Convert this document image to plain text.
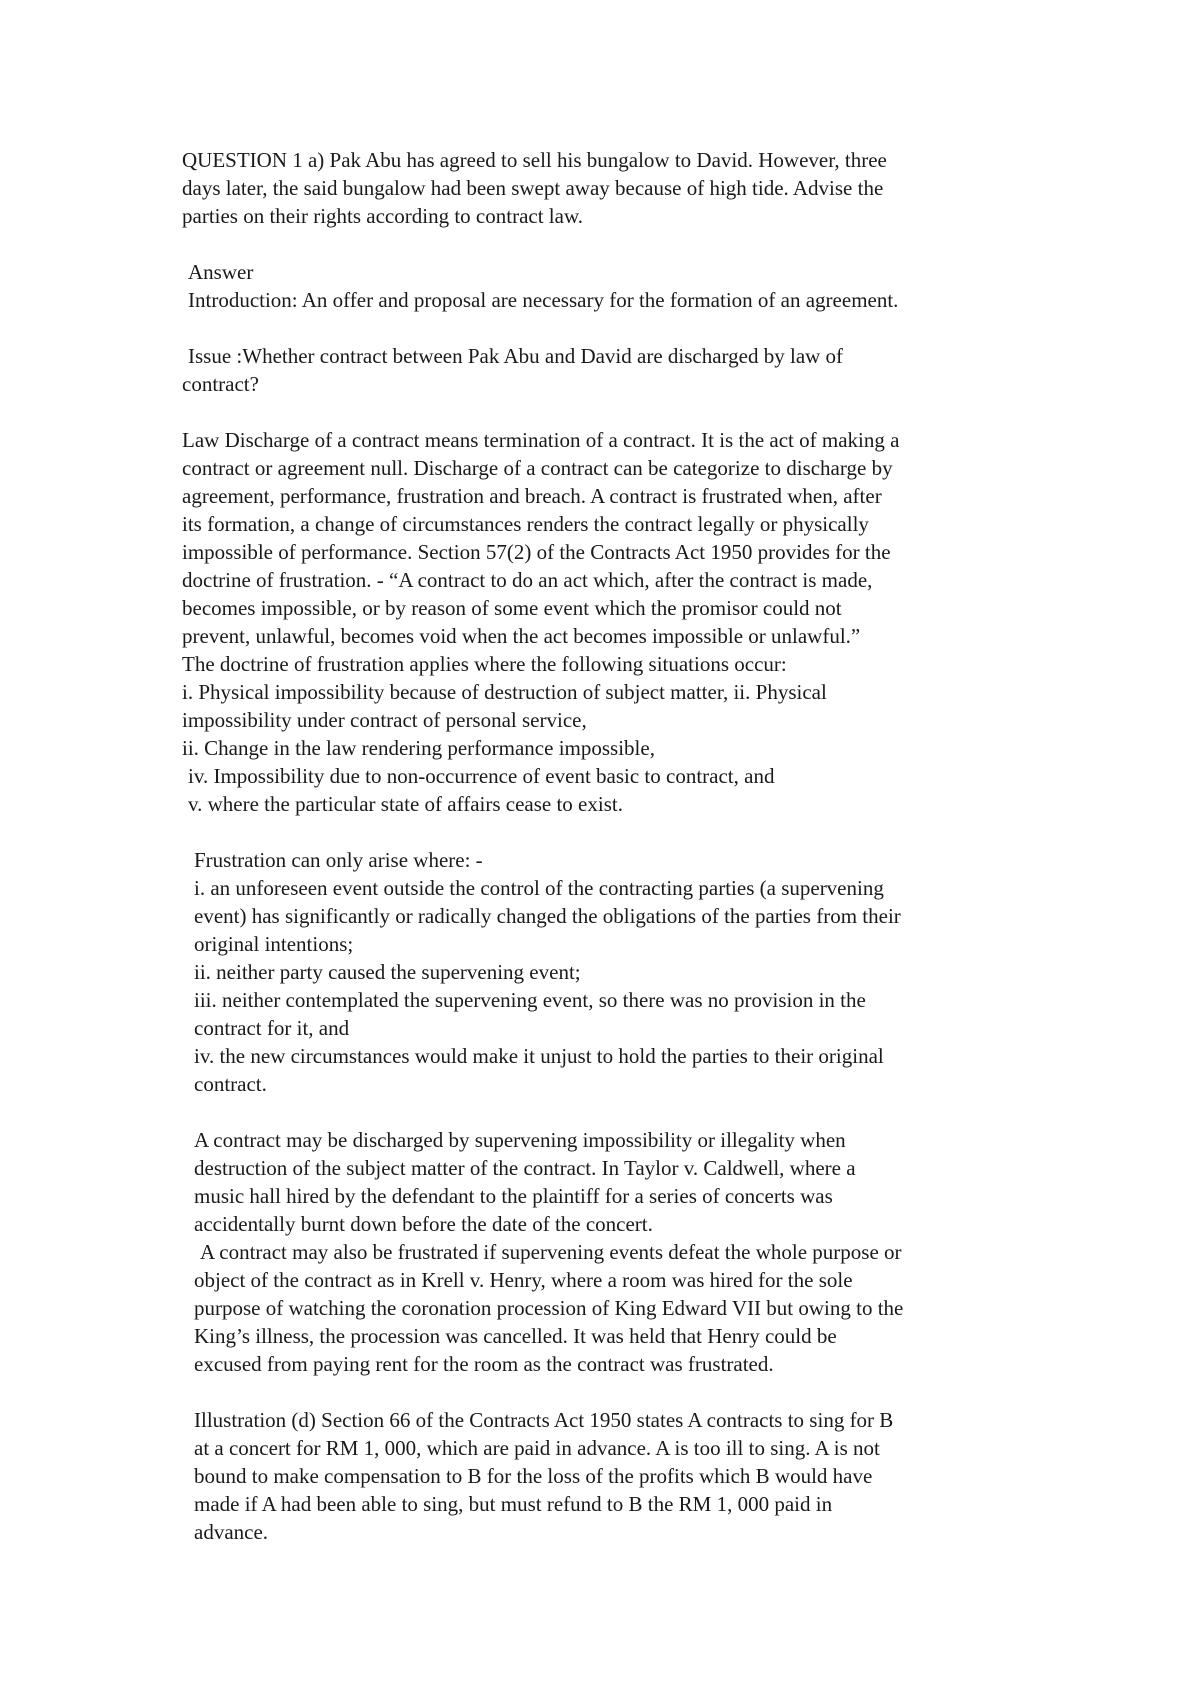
QUESTION 1 a) Pak Abu has agreed to sell his bungalow to David. However, three
days later, the said bungalow had been swept away because of high tide. Advise the
parties on their rights according to contract law.
Answer
Introduction: An offer and proposal are necessary for the formation of an agreement.
Issue :Whether contract between Pak Abu and David are discharged by law of
contract?
Law Discharge of a contract means termination of a contract. It is the act of making a
contract or agreement null. Discharge of a contract can be categorize to discharge by
agreement, performance, frustration and breach. A contract is frustrated when, after
its formation, a change of circumstances renders the contract legally or physically
impossible of performance. Section 57(2) of the Contracts Act 1950 provides for the
doctrine of frustration. - “A contract to do an act which, after the contract is made,
becomes impossible, or by reason of some event which the promisor could not
prevent, unlawful, becomes void when the act becomes impossible or unlawful.”
The doctrine of frustration applies where the following situations occur:
i. Physical impossibility because of destruction of subject matter, ii. Physical
impossibility under contract of personal service,
ii. Change in the law rendering performance impossible,
iv. Impossibility due to non-occurrence of event basic to contract, and
v. where the particular state of affairs cease to exist.
Frustration can only arise where: -
i. an unforeseen event outside the control of the contracting parties (a supervening
event) has significantly or radically changed the obligations of the parties from their
original intentions;
ii. neither party caused the supervening event;
iii. neither contemplated the supervening event, so there was no provision in the
contract for it, and
iv. the new circumstances would make it unjust to hold the parties to their original
contract.
A contract may be discharged by supervening impossibility or illegality when
destruction of the subject matter of the contract. In Taylor v. Caldwell, where a
music hall hired by the defendant to the plaintiff for a series of concerts was
accidentally burnt down before the date of the concert.
A contract may also be frustrated if supervening events defeat the whole purpose or
object of the contract as in Krell v. Henry, where a room was hired for the sole
purpose of watching the coronation procession of King Edward VII but owing to the
King’s illness, the procession was cancelled. It was held that Henry could be
excused from paying rent for the room as the contract was frustrated.
Illustration (d) Section 66 of the Contracts Act 1950 states A contracts to sing for B
at a concert for RM 1, 000, which are paid in advance. A is too ill to sing. A is not
bound to make compensation to B for the loss of the profits which B would have
made if A had been able to sing, but must refund to B the RM 1, 000 paid in
advance.
